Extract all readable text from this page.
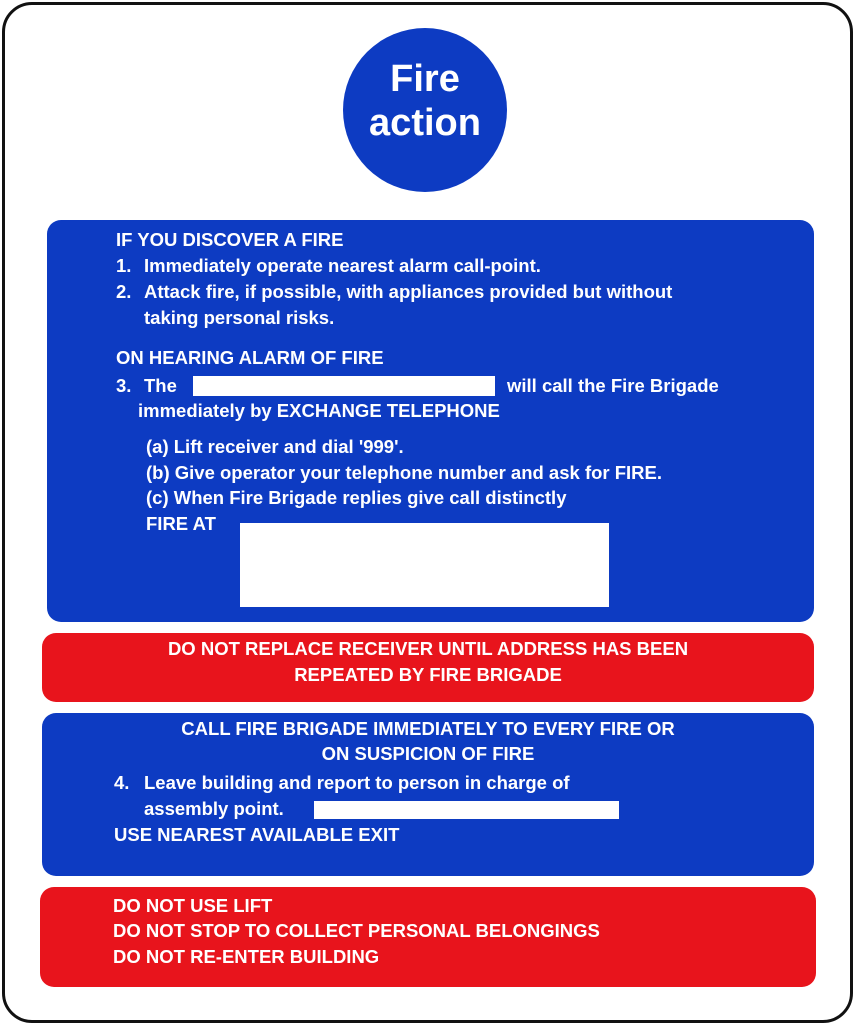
Fire
action
IF YOU DISCOVER A FIRE
1. Immediately operate nearest alarm call-point.
2. Attack fire, if possible, with appliances provided but without
taking personal risks.
ON HEARING ALARM OF FIRE
3. The	will call the Fire Brigade
immediately by EXCHANGE TELEPHONE
(a) Lift receiver and dial '999'.
(b) Give operator your telephone number and ask for FIRE.
(c) When Fire Brigade replies give call distinctly
FIRE AT
DO NOT REPLACE RECEIVER UNTIL ADDRESS HAS BEEN
REPEATED BY FIRE BRIGADE
CALL FIRE BRIGADE IMMEDIATELY TO EVERY FIRE OR
ON SUSPICION OF FIRE
4. Leave building and report to person in charge of
assembly point.
USE NEAREST AVAILABLE EXIT
DO NOT USE LIFT
DO NOT STOP TO COLLECT PERSONAL BELONGINGS
DO NOT RE-ENTER BUILDING
